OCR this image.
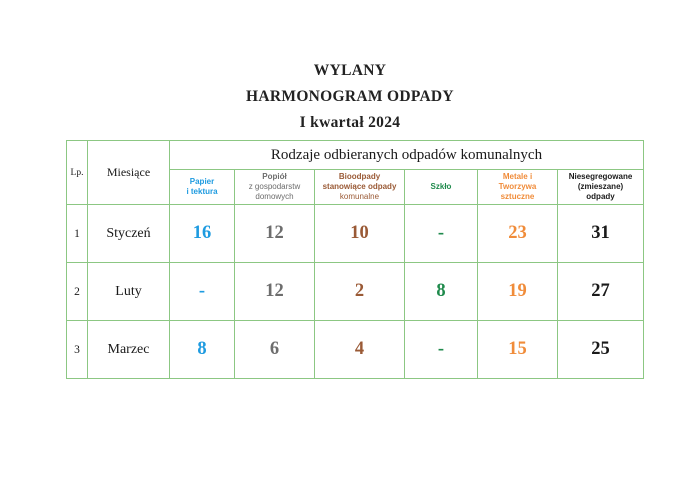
WYLANY
HARMONOGRAM ODPADY
I kwartał 2024
Lp.	Miesiące	Rodzaje odbieranych odpadów komunalnych					

		Papier
i tektura	Popiół
z gospodarstw
domowych	Bioodpady
stanowiące odpady
komunalne	Szkło	Metale i
Tworzywa
sztuczne	Niesegregowane
(zmieszane)
odpady

1	Styczeń	16	12	10	-	23	31
2	Luty	-	12	2	8	19	27
3	Marzec	8	6	4	-	15	25
